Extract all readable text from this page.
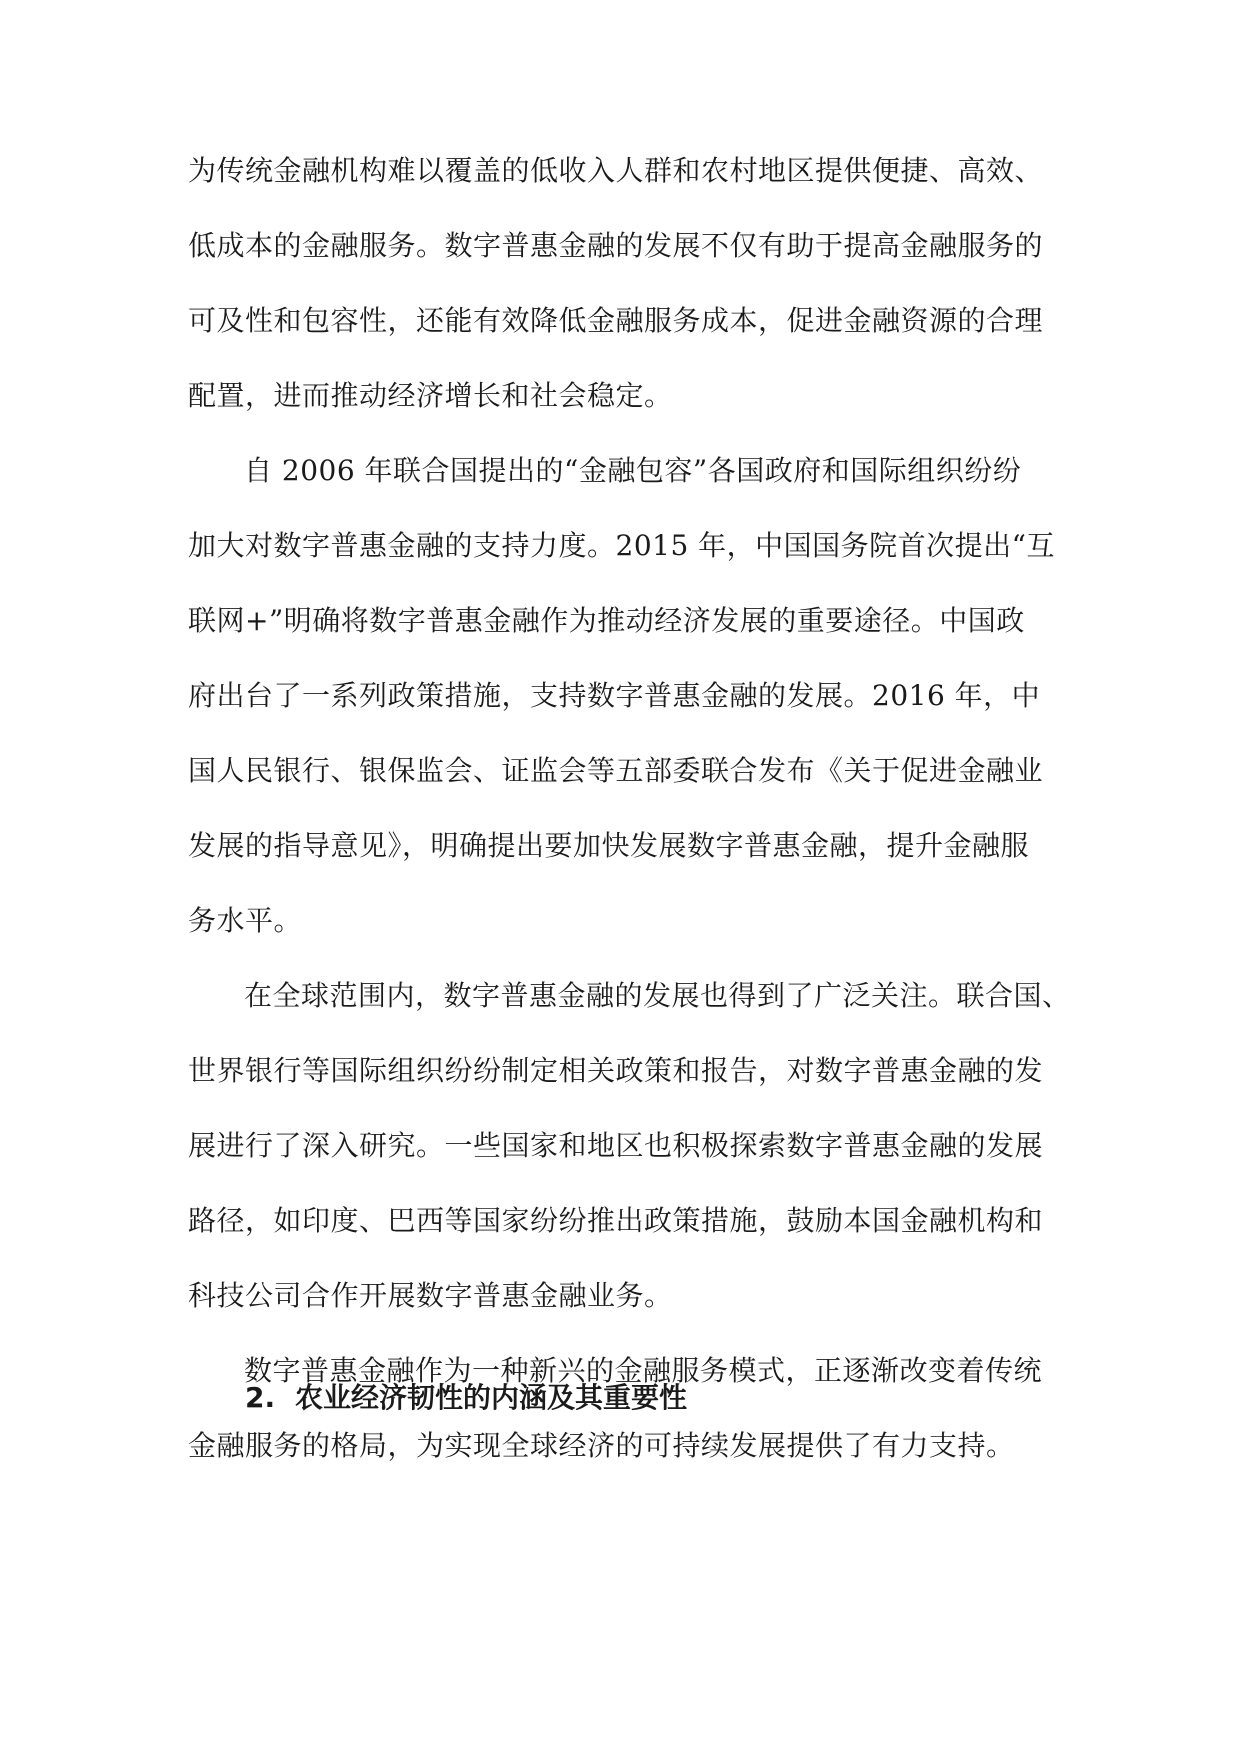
为传统金融机构难以覆盖的低收入人群和农村地区提供便捷、高效、
低成本的金融服务。数字普惠金融的发展不仅有助于提高金融服务的
可及性和包容性，还能有效降低金融服务成本，促进金融资源的合理
配置，进而推动经济增长和社会稳定。
自 2006 年联合国提出的“金融包容”各国政府和国际组织纷纷
加大对数字普惠金融的支持力度。2015 年，中国国务院首次提出“互
联网+”明确将数字普惠金融作为推动经济发展的重要途径。中国政
府出台了一系列政策措施，支持数字普惠金融的发展。2016 年，中
国人民银行、银保监会、证监会等五部委联合发布《关于促进金融业
发展的指导意见》，明确提出要加快发展数字普惠金融，提升金融服
务水平。
在全球范围内，数字普惠金融的发展也得到了广泛关注。联合国、
世界银行等国际组织纷纷制定相关政策和报告，对数字普惠金融的发
展进行了深入研究。一些国家和地区也积极探索数字普惠金融的发展
路径，如印度、巴西等国家纷纷推出政策措施，鼓励本国金融机构和
科技公司合作开展数字普惠金融业务。
数字普惠金融作为一种新兴的金融服务模式，正逐渐改变着传统
金融服务的格局，为实现全球经济的可持续发展提供了有力支持。
2. 农业经济韧性的内涵及其重要性
